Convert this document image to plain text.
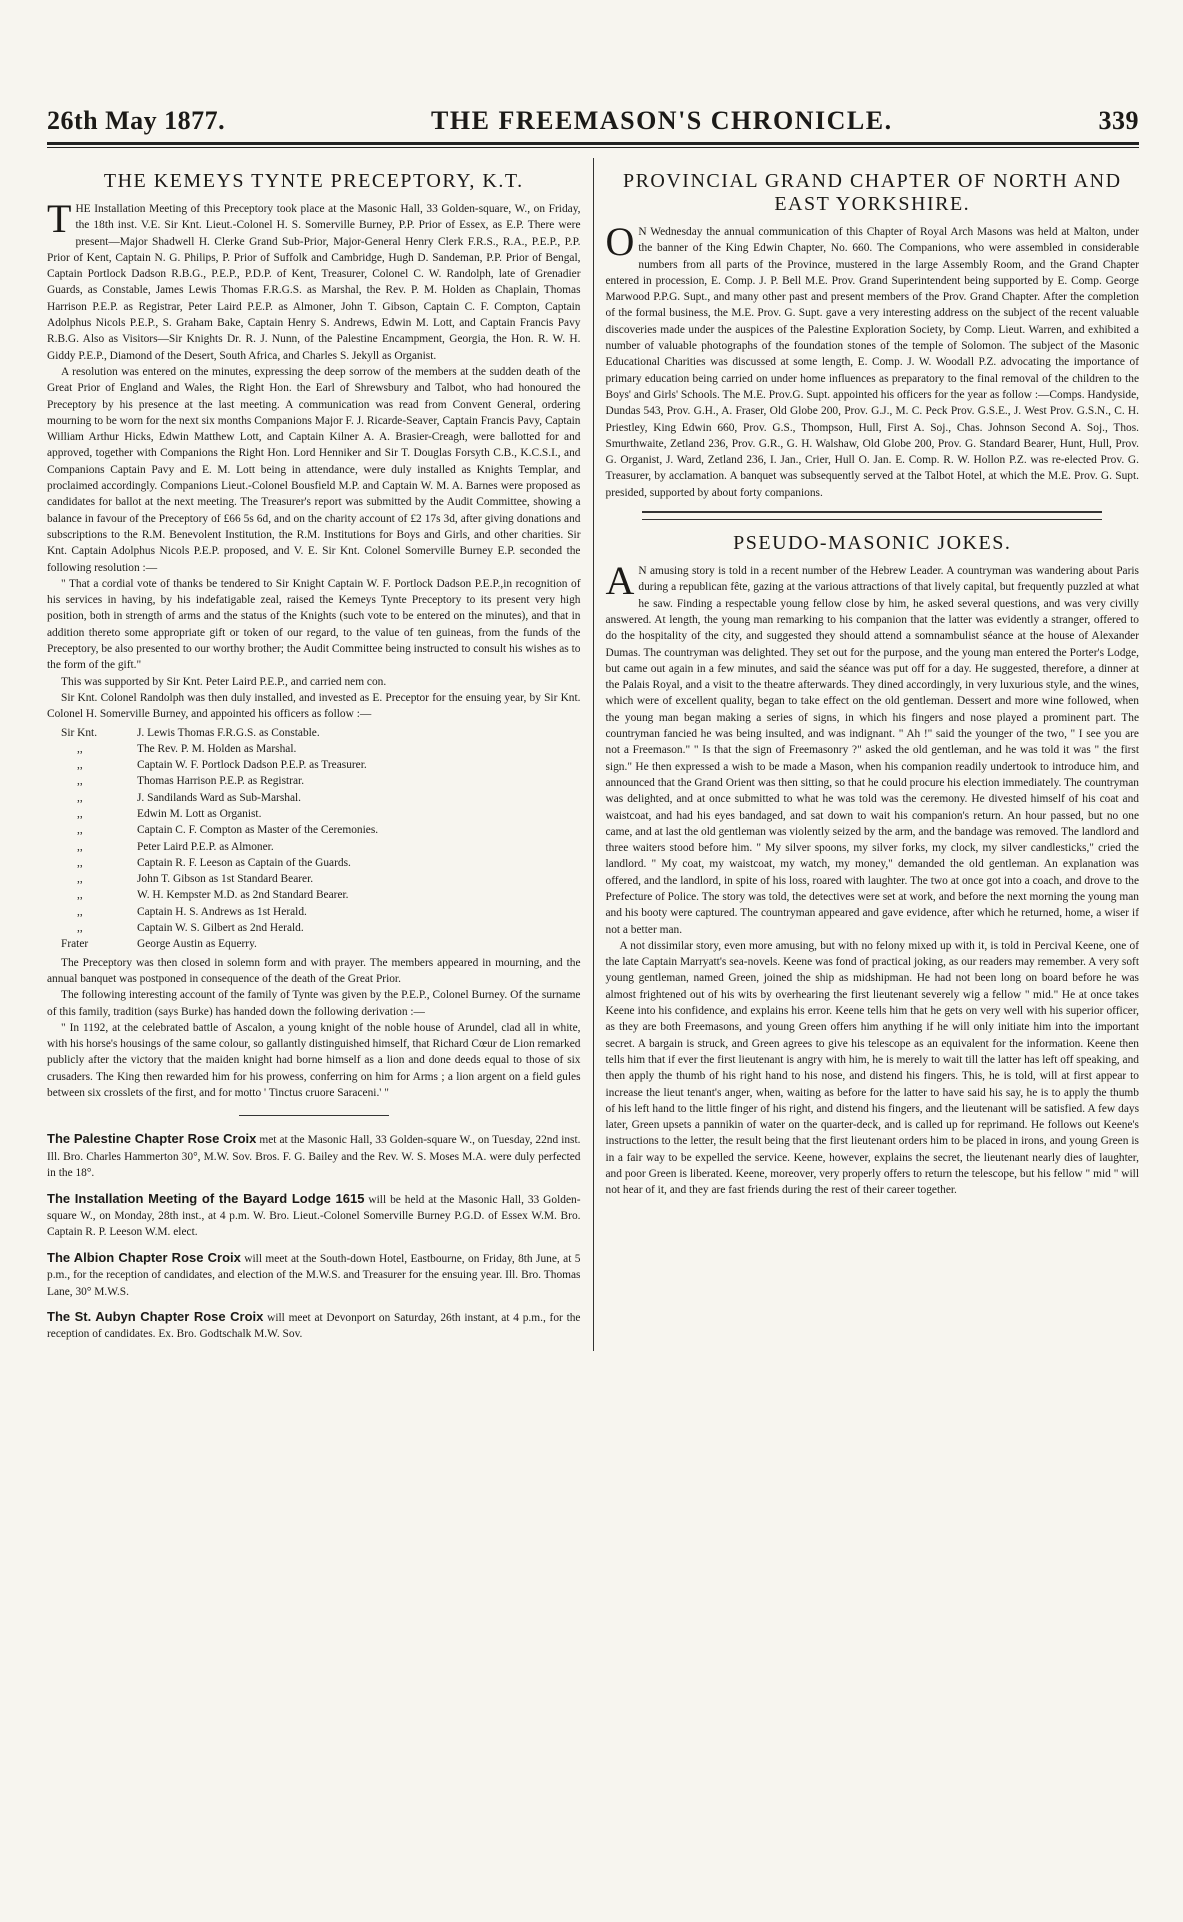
26th May 1877.	THE FREEMASON'S CHRONICLE.	339
THE KEMEYS TYNTE PRECEPTORY, K.T.

THE Installation Meeting of this Preceptory took place at the Masonic Hall, 33 Golden-square, W., on Friday, the 18th inst. V.E. Sir Knt. Lieut.-Colonel H. S. Somerville Burney, P.P. Prior of Essex, as E.P. There were present—Major Shadwell H. Clerke Grand Sub-Prior, Major-General Henry Clerk F.R.S., R.A., P.E.P., P.P. Prior of Kent, Captain N. G. Philips, P. Prior of Suffolk and Cambridge, Hugh D. Sandeman, P.P. Prior of Bengal, Captain Portlock Dadson R.B.G., P.E.P., P.D.P. of Kent, Treasurer, Colonel C. W. Randolph, late of Grenadier Guards, as Constable, James Lewis Thomas F.R.G.S. as Marshal, the Rev. P. M. Holden as Chaplain, Thomas Harrison P.E.P. as Registrar, Peter Laird P.E.P. as Almoner, John T. Gibson, Captain C. F. Compton, Captain Adolphus Nicols P.E.P., S. Graham Bake, Captain Henry S. Andrews, Edwin M. Lott, and Captain Francis Pavy R.B.G. Also as Visitors—Sir Knights Dr. R. J. Nunn, of the Palestine Encampment, Georgia, the Hon. R. W. H. Giddy P.E.P., Diamond of the Desert, South Africa, and Charles S. Jekyll as Organist.

A resolution was entered on the minutes, expressing the deep sorrow of the members at the sudden death of the Great Prior of England and Wales, the Right Hon. the Earl of Shrewsbury and Talbot, who had honoured the Preceptory by his presence at the last meeting. A communication was read from Convent General, ordering mourning to be worn for the next six months Companions Major F. J. Ricarde-Seaver, Captain Francis Pavy, Captain William Arthur Hicks, Edwin Matthew Lott, and Captain Kilner A. A. Brasier-Creagh, were ballotted for and approved, together with Companions the Right Hon. Lord Henniker and Sir T. Douglas Forsyth C.B., K.C.S.I., and Companions Captain Pavy and E. M. Lott being in attendance, were duly installed as Knights Templar, and proclaimed accordingly. Companions Lieut.-Colonel Bousfield M.P. and Captain W. M. A. Barnes were proposed as candidates for ballot at the next meeting. The Treasurer's report was submitted by the Audit Committee, showing a balance in favour of the Preceptory of £66 5s 6d, and on the charity account of £2 17s 3d, after giving donations and subscriptions to the R.M. Benevolent Institution, the R.M. Institutions for Boys and Girls, and other charities. Sir Knt. Captain Adolphus Nicols P.E.P. proposed, and V. E. Sir Knt. Colonel Somerville Burney E.P. seconded the following resolution :—

" That a cordial vote of thanks be tendered to Sir Knight Captain W. F. Portlock Dadson P.E.P.,in recognition of his services in having, by his indefatigable zeal, raised the Kemeys Tynte Preceptory to its present very high position, both in strength of arms and the status of the Knights (such vote to be entered on the minutes), and that in addition thereto some appropriate gift or token of our regard, to the value of ten guineas, from the funds of the Preceptory, be also presented to our worthy brother; the Audit Committee being instructed to consult his wishes as to the form of the gift."

This was supported by Sir Knt. Peter Laird P.E.P., and carried nem con.

Sir Knt. Colonel Randolph was then duly installed, and invested as E. Preceptor for the ensuing year, by Sir Knt. Colonel H. Somerville Burney, and appointed his officers as follow :—

Sir Knt.	J. Lewis Thomas F.R.G.S. as Constable.
,,	The Rev. P. M. Holden as Marshal.
,,	Captain W. F. Portlock Dadson P.E.P. as Treasurer.
,,	Thomas Harrison P.E.P. as Registrar.
,,	J. Sandilands Ward as Sub-Marshal.
,,	Edwin M. Lott as Organist.
,,	Captain C. F. Compton as Master of the Ceremonies.
,,	Peter Laird P.E.P. as Almoner.
,,	Captain R. F. Leeson as Captain of the Guards.
,,	John T. Gibson as 1st Standard Bearer.
,,	W. H. Kempster M.D. as 2nd Standard Bearer.
,,	Captain H. S. Andrews as 1st Herald.
,,	Captain W. S. Gilbert as 2nd Herald.
Frater	George Austin as Equerry.

The Preceptory was then closed in solemn form and with prayer. The members appeared in mourning, and the annual banquet was postponed in consequence of the death of the Great Prior.

The following interesting account of the family of Tynte was given by the P.E.P., Colonel Burney. Of the surname of this family, tradition (says Burke) has handed down the following derivation :—

" In 1192, at the celebrated battle of Ascalon, a young knight of the noble house of Arundel, clad all in white, with his horse's housings of the same colour, so gallantly distinguished himself, that Richard Cœur de Lion remarked publicly after the victory that the maiden knight had borne himself as a lion and done deeds equal to those of six crusaders. The King then rewarded him for his prowess, conferring on him for Arms ; a lion argent on a field gules between six crosslets of the first, and for motto ' Tinctus cruore Saraceni.' "

The Palestine Chapter Rose Croix met at the Masonic Hall, 33 Golden-square W., on Tuesday, 22nd inst. Ill. Bro. Charles Hammerton 30°, M.W. Sov. Bros. F. G. Bailey and the Rev. W. S. Moses M.A. were duly perfected in the 18°.
The Installation Meeting of the Bayard Lodge 1615 will be held at the Masonic Hall, 33 Golden-square W., on Monday, 28th inst., at 4 p.m. W. Bro. Lieut.-Colonel Somerville Burney P.G.D. of Essex W.M. Bro. Captain R. P. Leeson W.M. elect.
The Albion Chapter Rose Croix will meet at the South-down Hotel, Eastbourne, on Friday, 8th June, at 5 p.m., for the reception of candidates, and election of the M.W.S. and Treasurer for the ensuing year. Ill. Bro. Thomas Lane, 30° M.W.S.
The St. Aubyn Chapter Rose Croix will meet at Devonport on Saturday, 26th instant, at 4 p.m., for the reception of candidates. Ex. Bro. Godtschalk M.W. Sov.
PROVINCIAL GRAND CHAPTER OF NORTH AND EAST YORKSHIRE.

ON Wednesday the annual communication of this Chapter of Royal Arch Masons was held at Malton, under the banner of the King Edwin Chapter, No. 660. The Companions, who were assembled in considerable numbers from all parts of the Province, mustered in the large Assembly Room, and the Grand Chapter entered in procession, E. Comp. J. P. Bell M.E. Prov. Grand Superintendent being supported by E. Comp. George Marwood P.P.G. Supt., and many other past and present members of the Prov. Grand Chapter. After the completion of the formal business, the M.E. Prov. G. Supt. gave a very interesting address on the subject of the recent valuable discoveries made under the auspices of the Palestine Exploration Society, by Comp. Lieut. Warren, and exhibited a number of valuable photographs of the foundation stones of the temple of Solomon. The subject of the Masonic Educational Charities was discussed at some length, E. Comp. J. W. Woodall P.Z. advocating the importance of primary education being carried on under home influences as preparatory to the final removal of the children to the Boys' and Girls' Schools. The M.E. Prov.G. Supt. appointed his officers for the year as follow :—Comps. Handyside, Dundas 543, Prov. G.H., A. Fraser, Old Globe 200, Prov. G.J., M. C. Peck Prov. G.S.E., J. West Prov. G.S.N., C. H. Priestley, King Edwin 660, Prov. G.S., Thompson, Hull, First A. Soj., Chas. Johnson Second A. Soj., Thos. Smurthwaite, Zetland 236, Prov. G.R., G. H. Walshaw, Old Globe 200, Prov. G. Standard Bearer, Hunt, Hull, Prov. G. Organist, J. Ward, Zetland 236, I. Jan., Crier, Hull O. Jan. E. Comp. R. W. Hollon P.Z. was re-elected Prov. G. Treasurer, by acclamation. A banquet was subsequently served at the Talbot Hotel, at which the M.E. Prov. G. Supt. presided, supported by about forty companions.

PSEUDO-MASONIC JOKES.

AN amusing story is told in a recent number of the Hebrew Leader. A countryman was wandering about Paris during a republican fête, gazing at the various attractions of that lively capital, but frequently puzzled at what he saw. Finding a respectable young fellow close by him, he asked several questions, and was very civilly answered. At length, the young man remarking to his companion that the latter was evidently a stranger, offered to do the hospitality of the city, and suggested they should attend a somnambulist séance at the house of Alexander Dumas. The countryman was delighted. They set out for the purpose, and the young man entered the Porter's Lodge, but came out again in a few minutes, and said the séance was put off for a day. He suggested, therefore, a dinner at the Palais Royal, and a visit to the theatre afterwards. They dined accordingly, in very luxurious style, and the wines, which were of excellent quality, began to take effect on the old gentleman. Dessert and more wine followed, when the young man began making a series of signs, in which his fingers and nose played a prominent part. The countryman fancied he was being insulted, and was indignant. " Ah !" said the younger of the two, " I see you are not a Freemason." " Is that the sign of Freemasonry ?" asked the old gentleman, and he was told it was " the first sign." He then expressed a wish to be made a Mason, when his companion readily undertook to introduce him, and announced that the Grand Orient was then sitting, so that he could procure his election immediately. The countryman was delighted, and at once submitted to what he was told was the ceremony. He divested himself of his coat and waistcoat, and had his eyes bandaged, and sat down to wait his companion's return. An hour passed, but no one came, and at last the old gentleman was violently seized by the arm, and the bandage was removed. The landlord and three waiters stood before him. " My silver spoons, my silver forks, my clock, my silver candlesticks," cried the landlord. " My coat, my waistcoat, my watch, my money," demanded the old gentleman. An explanation was offered, and the landlord, in spite of his loss, roared with laughter. The two at once got into a coach, and drove to the Prefecture of Police. The story was told, the detectives were set at work, and before the next morning the young man and his booty were captured. The countryman appeared and gave evidence, after which he returned, home, a wiser if not a better man.

A not dissimilar story, even more amusing, but with no felony mixed up with it, is told in Percival Keene, one of the late Captain Marryatt's sea-novels. Keene was fond of practical joking, as our readers may remember. A very soft young gentleman, named Green, joined the ship as midshipman. He had not been long on board before he was almost frightened out of his wits by overhearing the first lieutenant severely wig a fellow " mid." He at once takes Keene into his confidence, and explains his error. Keene tells him that he gets on very well with his superior officer, as they are both Freemasons, and young Green offers him anything if he will only initiate him into the important secret. A bargain is struck, and Green agrees to give his telescope as an equivalent for the information. Keene then tells him that if ever the first lieutenant is angry with him, he is merely to wait till the latter has left off speaking, and then apply the thumb of his right hand to his nose, and distend his fingers. This, he is told, will at first appear to increase the lieut tenant's anger, when, waiting as before for the latter to have said his say, he is to apply the thumb of his left hand to the little finger of his right, and distend his fingers, and the lieutenant will be satisfied. A few days later, Green upsets a pannikin of water on the quarter-deck, and is called up for reprimand. He follows out Keene's instructions to the letter, the result being that the first lieutenant orders him to be placed in irons, and young Green is in a fair way to be expelled the service. Keene, however, explains the secret, the lieutenant nearly dies of laughter, and poor Green is liberated. Keene, moreover, very properly offers to return the telescope, but his fellow " mid " will not hear of it, and they are fast friends during the rest of their career together.
